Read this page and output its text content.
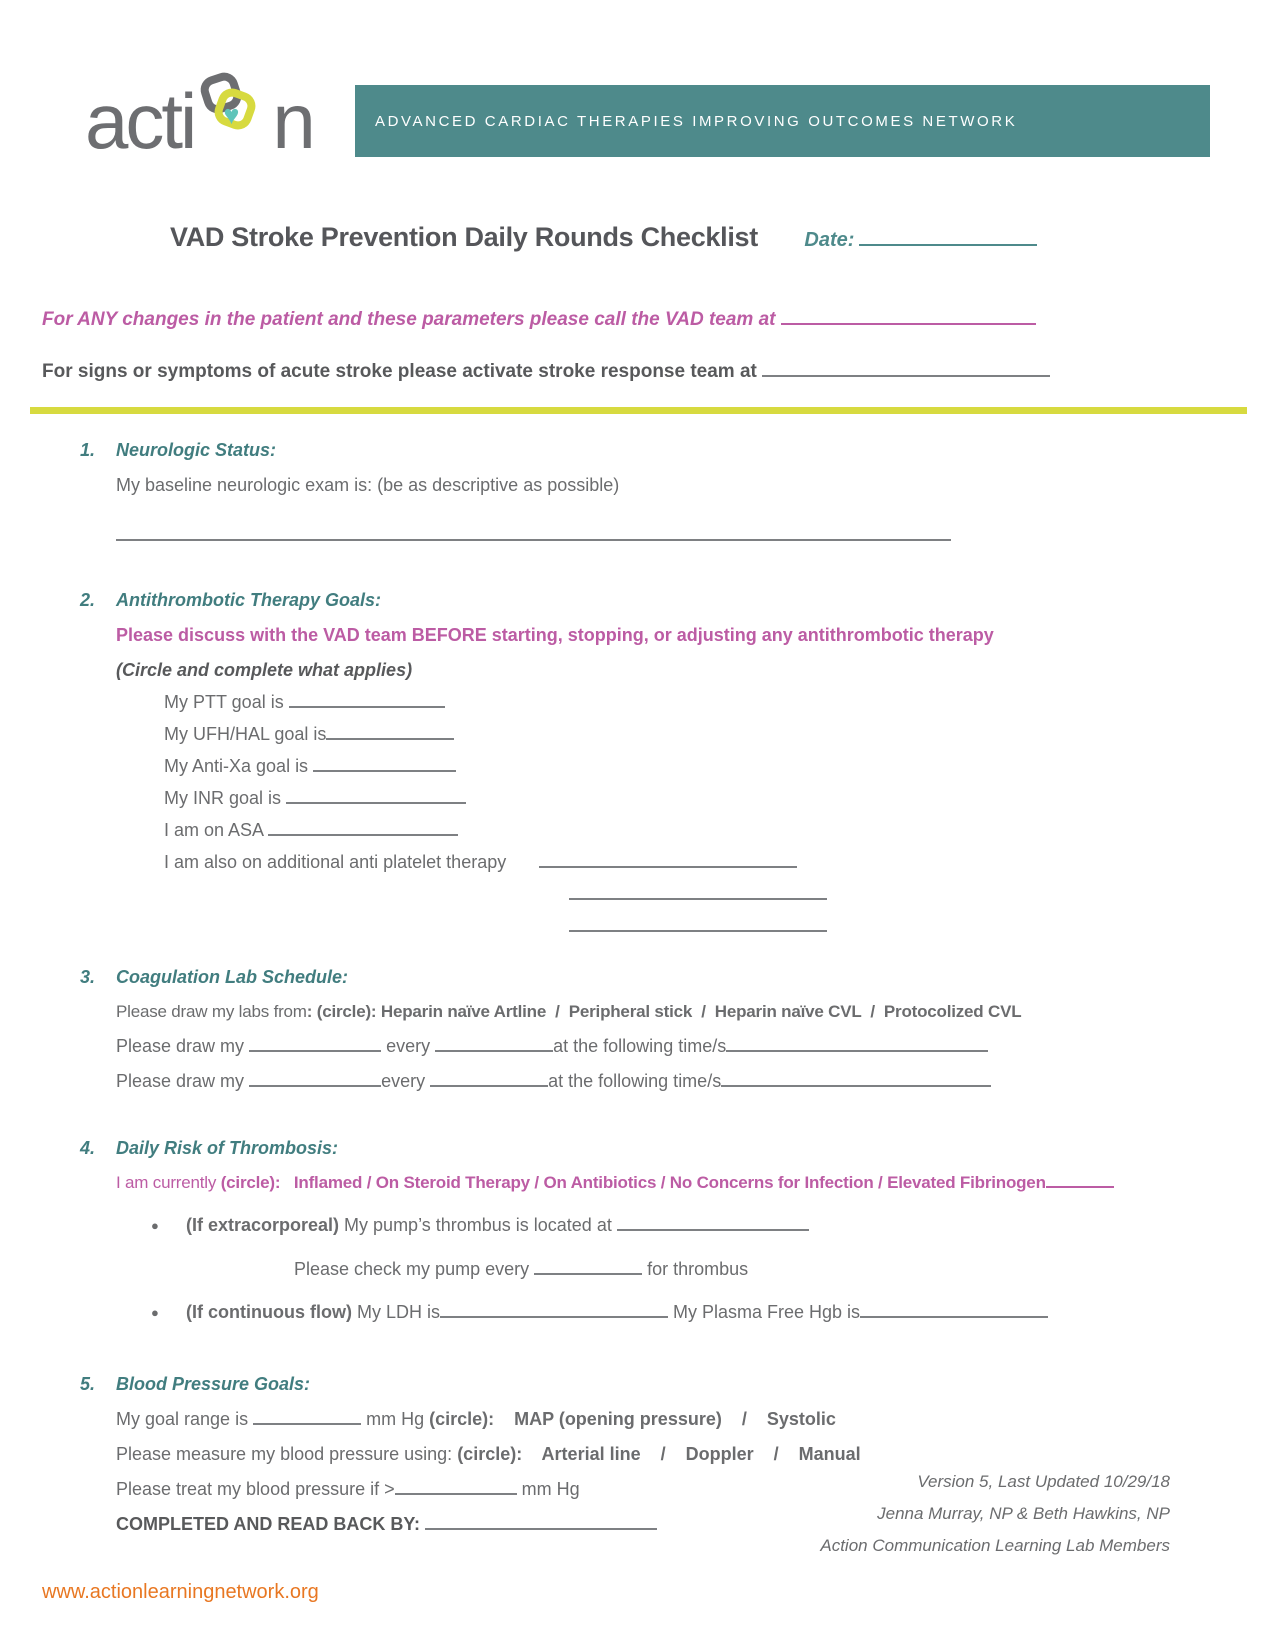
acti ♥ n	ADVANCED CARDIAC THERAPIES IMPROVING OUTCOMES NETWORK
VAD Stroke Prevention Daily Rounds Checklist Date:
For ANY changes in the patient and these parameters please call the VAD team at
For signs or symptoms of acute stroke please activate stroke response team at
1.	Neurologic Status:

My baseline neurologic exam is: (be as descriptive as possible)

2.	Antithrombotic Therapy Goals:

Please discuss with the VAD team BEFORE starting, stopping, or adjusting any antithrombotic therapy

(Circle and complete what applies)

My PTT goal is

My UFH/HAL goal is

My Anti-Xa goal is

My INR goal is

I am on ASA

I am also on additional anti platelet therapy

3.	Coagulation Lab Schedule:

Please draw my labs from: (circle): Heparin naïve Artline  /  Peripheral stick  /  Heparin naïve CVL  /  Protocolized CVL

Please draw my	every	at the following time/s

Please draw my	every	at the following time/s

4.	Daily Risk of Thrombosis:

I am currently (circle):   Inflamed / On Steroid Therapy / On Antibiotics / No Concerns for Infection / Elevated Fibrinogen

●	(If extracorporeal) My pump’s thrombus is located at
Please check my pump every	for thrombus
●	(If continuous flow) My LDH is	My Plasma Free Hgb is
5.	Blood Pressure Goals:

My goal range is	mm Hg (circle):    MAP (opening pressure)    /    Systolic

Please measure my blood pressure using: (circle):    Arterial line    /    Doppler    /    Manual

Please treat my blood pressure if >	mm Hg

COMPLETED AND READ BACK BY:

Version 5, Last Updated 10/29/18
Jenna Murray, NP & Beth Hawkins, NP
Action Communication Learning Lab Members
www.actionlearningnetwork.org
